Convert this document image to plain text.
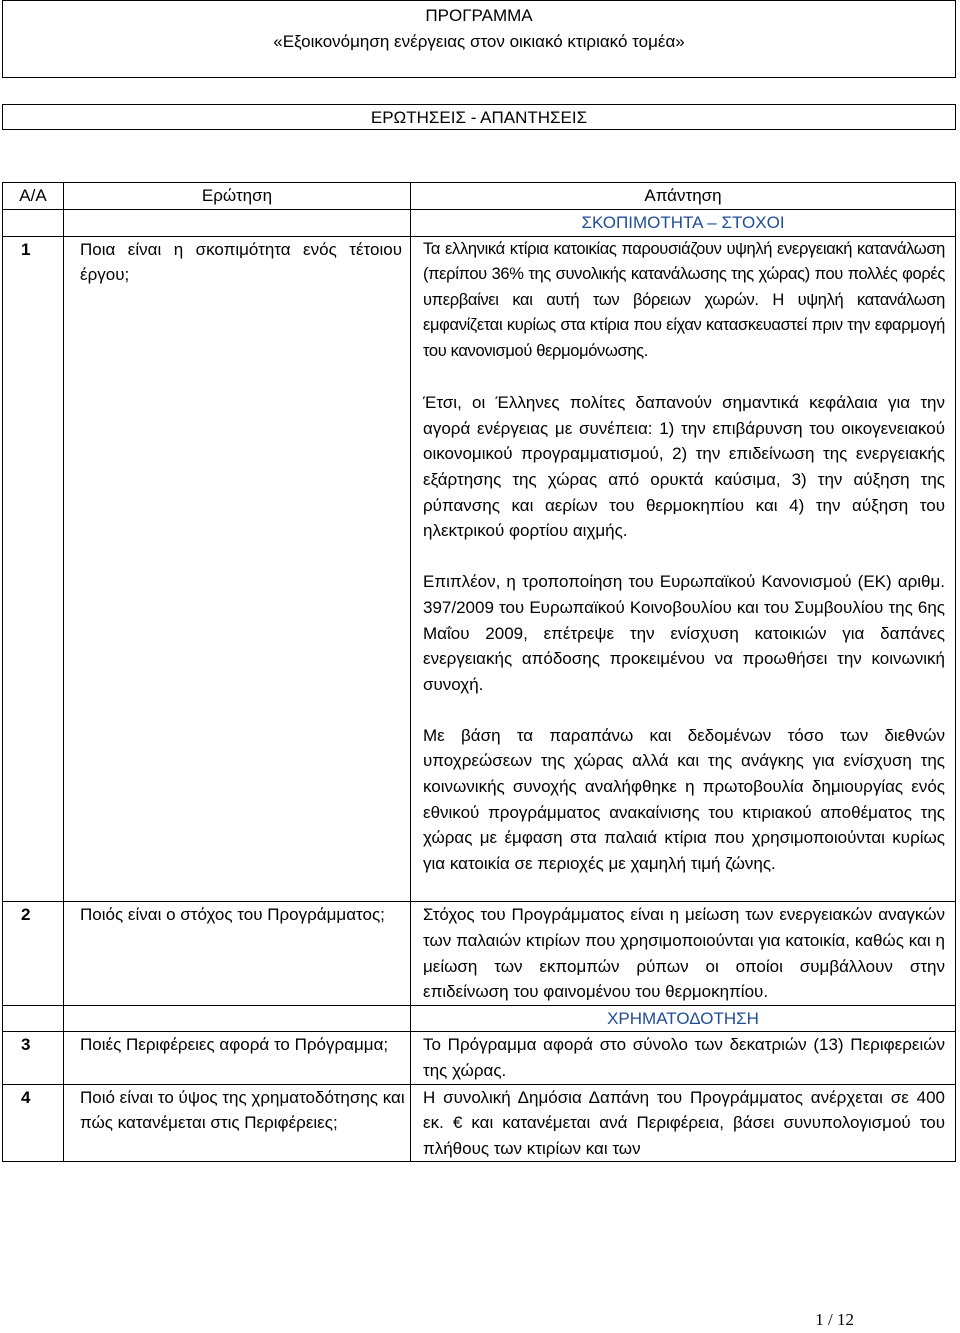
ΠΡΟΓΡΑΜΜΑ
«Εξοικονόμηση ενέργειας στον οικιακό κτιριακό τομέα»
ΕΡΩΤΗΣΕΙΣ - ΑΠΑΝΤΗΣΕΙΣ
Α/Α	Ερώτηση	Απάντηση
		ΣΚΟΠΙΜΟΤΗΤΑ – ΣΤΟΧΟΙ
1	Ποια είναι η σκοπιμότητα ενός τέτοιου έργου;	Τα ελληνικά κτίρια κατοικίας παρουσιάζουν υψηλή ενεργειακή κατανάλωση (περίπου 36% της συνολικής κατανάλωσης της χώρας) που πολλές φορές υπερβαίνει και αυτή των βόρειων χωρών. Η υψηλή κατανάλωση εμφανίζεται κυρίως στα κτίρια που είχαν κατασκευαστεί πριν την εφαρμογή του κανονισμού θερμομόνωσης.

Έτσι, οι Έλληνες πολίτες δαπανούν σημαντικά κεφάλαια για την αγορά ενέργειας με συνέπεια: 1) την επιβάρυνση του οικογενειακού οικονομικού προγραμματισμού, 2) την επιδείνωση της ενεργειακής εξάρτησης της χώρας από ορυκτά καύσιμα, 3) την αύξηση της ρύπανσης και αερίων του θερμοκηπίου και 4) την αύξηση του ηλεκτρικού φορτίου αιχμής.

Επιπλέον, η τροποποίηση του Ευρωπαϊκού Κανονισμού (ΕΚ) αριθμ. 397/2009 του Ευρωπαϊκού Κοινοβουλίου και του Συμβουλίου της 6ης Μαΐου 2009, επέτρεψε την ενίσχυση κατοικιών για δαπάνες ενεργειακής απόδοσης προκειμένου να προωθήσει την κοινωνική συνοχή.

Με βάση τα παραπάνω και δεδομένων τόσο των διεθνών υποχρεώσεων της χώρας αλλά και της ανάγκης για ενίσχυση της κοινωνικής συνοχής αναλήφθηκε η πρωτοβουλία δημιουργίας ενός εθνικού προγράμματος ανακαίνισης του κτιριακού αποθέματος της χώρας με έμφαση στα παλαιά κτίρια που χρησιμοποιούνται κυρίως για κατοικία σε περιοχές με χαμηλή τιμή ζώνης.

2	Ποιός είναι ο στόχος του Προγράμματος;	Στόχος του Προγράμματος είναι η μείωση των ενεργειακών αναγκών των παλαιών κτιρίων που χρησιμοποιούνται για κατοικία, καθώς και η μείωση των εκπομπών ρύπων οι οποίοι συμβάλλουν στην επιδείνωση του φαινομένου του θερμοκηπίου.

		ΧΡΗΜΑΤΟΔΟΤΗΣΗ
3	Ποιές Περιφέρειες αφορά το Πρόγραμμα;	Το Πρόγραμμα αφορά στο σύνολο των δεκατριών (13) Περιφερειών της χώρας.

4	Ποιό είναι το ύψος της χρηματοδότησης και πώς κατανέμεται στις Περιφέρειες;	Η συνολική Δημόσια Δαπάνη του Προγράμματος ανέρχεται σε 400 εκ. € και κατανέμεται ανά Περιφέρεια, βάσει συνυπολογισμού του πλήθους των κτιρίων και των

1 / 12
